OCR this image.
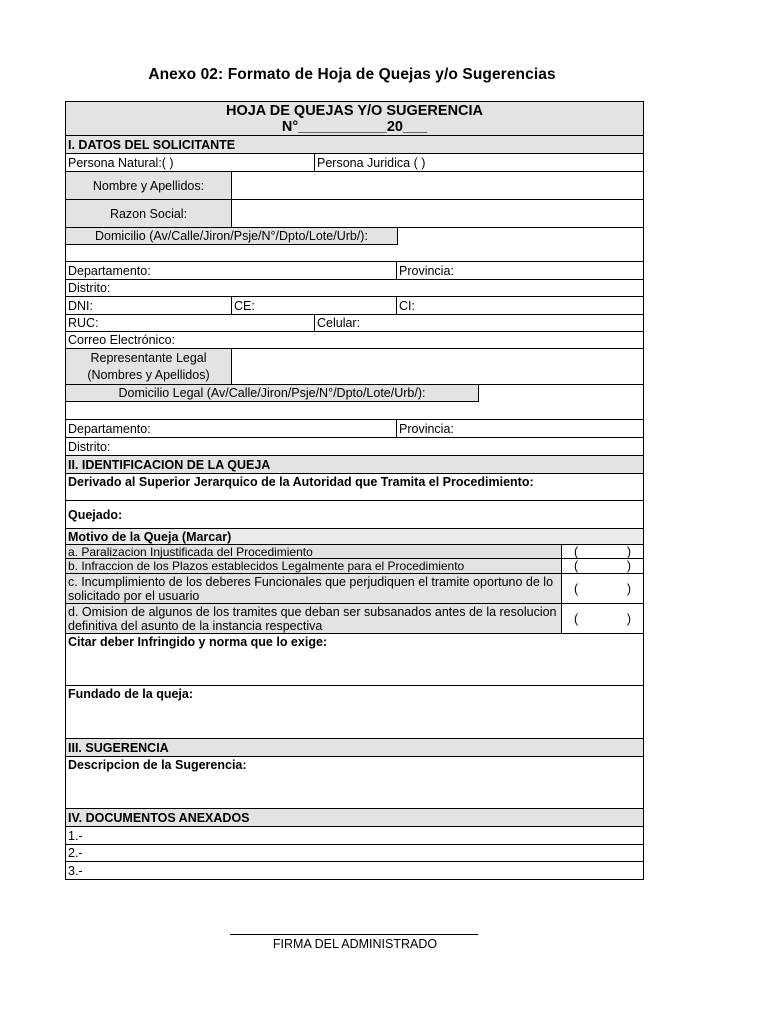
Anexo 02: Formato de Hoja de Quejas y/o Sugerencias
HOJA DE QUEJAS Y/O SUGERENCIA
N°___________20___
I. DATOS DEL SOLICITANTE
Persona Natural:( )	Persona Juridica ( )
Nombre y Apellidos:
Razon Social:
Domicilio (Av/Calle/Jiron/Psje/N°/Dpto/Lote/Urb/):
Departamento:	Provincia:
Distrito:
DNI:	CE:	CI:
RUC:	Celular:
Correo Electrónico:
Representante Legal
(Nombres y Apellidos)
Domicilio Legal (Av/Calle/Jiron/Psje/N°/Dpto/Lote/Urb/):
Departamento:	Provincia:
Distrito:
II. IDENTIFICACION DE LA QUEJA
Derivado al Superior Jerarquico de la Autoridad que Tramita el Procedimiento:
Quejado:
Motivo de la Queja (Marcar)
a. Paralizacion Injustificada del Procedimiento	(	)
b. Infraccion de los Plazos establecidos Legalmente para el Procedimiento	(	)
c. Incumplimiento de los deberes Funcionales que perjudiquen el tramite oportuno de lo solicitado por el usuario	(	)
d. Omision de algunos de los tramites que deban ser subsanados antes de la resolucion definitiva del asunto de la instancia respectiva	(	)
Citar deber Infringido y norma que lo exige:
Fundado de la queja:
III. SUGERENCIA
Descripcion de la Sugerencia:
IV. DOCUMENTOS ANEXADOS
1.-
2.-
3.-
FIRMA DEL ADMINISTRADO
